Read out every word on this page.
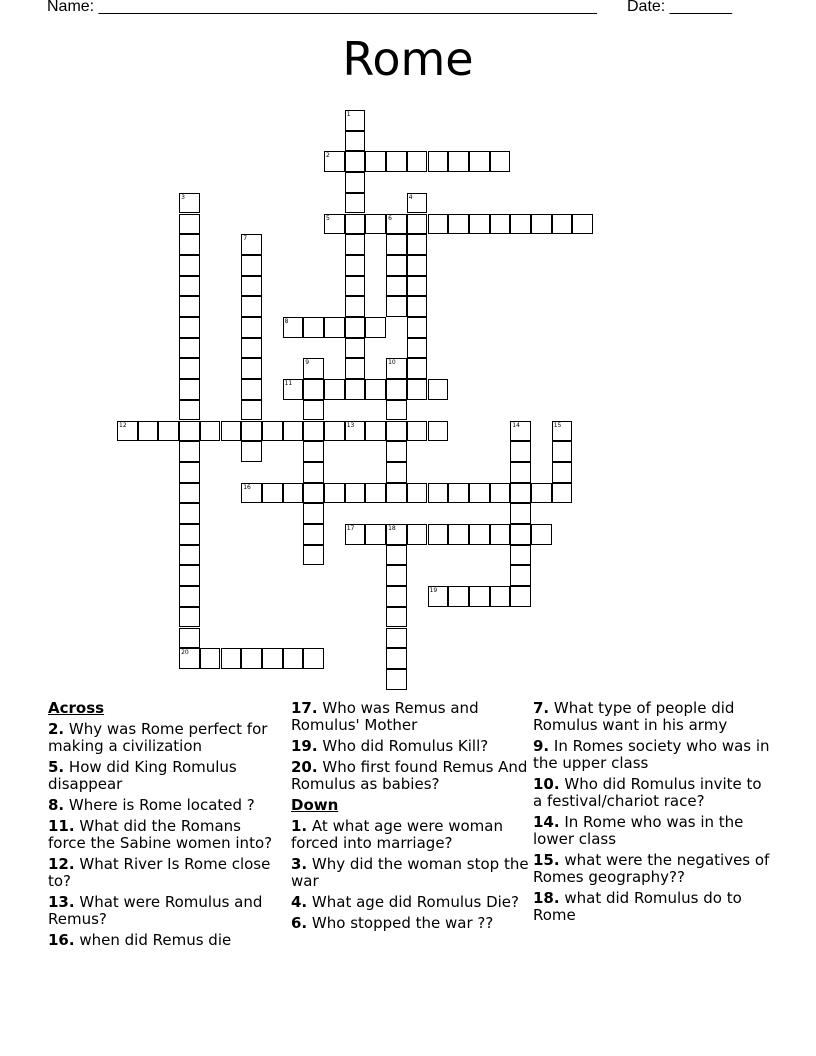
Name: ________________________________________________________ Date: _______
Rome
1
2
3	4
5	6
7
8
9	10
11
12	13	14	15
16
17	18
19
20
Across
2. Why was Rome perfect for making a civilization
5. How did King Romulus disappear
8. Where is Rome located ?
11. What did the Romans force the Sabine women into?
12. What River Is Rome close to?
13. What were Romulus and Remus?
16. when did Remus die
17. Who was Remus and Romulus' Mother
19. Who did Romulus Kill?
20. Who first found Remus And Romulus as babies?
Down
1. At what age were woman forced into marriage?
3. Why did the woman stop the war
4. What age did Romulus Die?
6. Who stopped the war ??
7. What type of people did Romulus want in his army
9. In Romes society who was in the upper class
10. Who did Romulus invite to a festival/chariot race?
14. In Rome who was in the lower class
15. what were the negatives of Romes geography??
18. what did Romulus do to Rome
